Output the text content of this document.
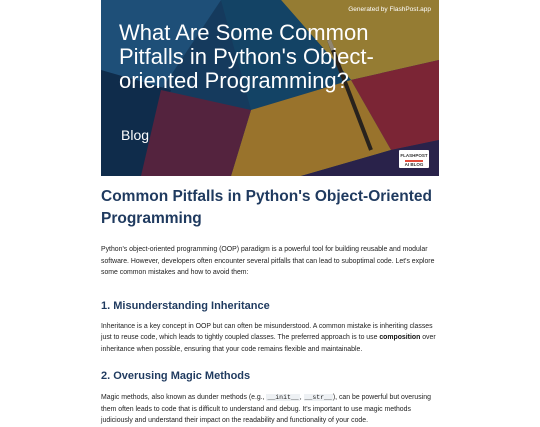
Generated by FlashPost.app
What Are Some Common Pitfalls in Python's Object-oriented Programming?
Blog
FLASHPOST
AI BLOG
Common Pitfalls in Python's Object-Oriented Programming

Python's object-oriented programming (OOP) paradigm is a powerful tool for building reusable and modular software. However, developers often encounter several pitfalls that can lead to suboptimal code. Let's explore some common mistakes and how to avoid them:

1. Misunderstanding Inheritance

Inheritance is a key concept in OOP but can often be misunderstood. A common mistake is inheriting classes just to reuse code, which leads to tightly coupled classes. The preferred approach is to use composition over inheritance when possible, ensuring that your code remains flexible and maintainable.

2. Overusing Magic Methods

Magic methods, also known as dunder methods (e.g., __init__, __str__), can be powerful but overusing them often leads to code that is difficult to understand and debug. It's important to use magic methods judiciously and understand their impact on the readability and functionality of your code.
